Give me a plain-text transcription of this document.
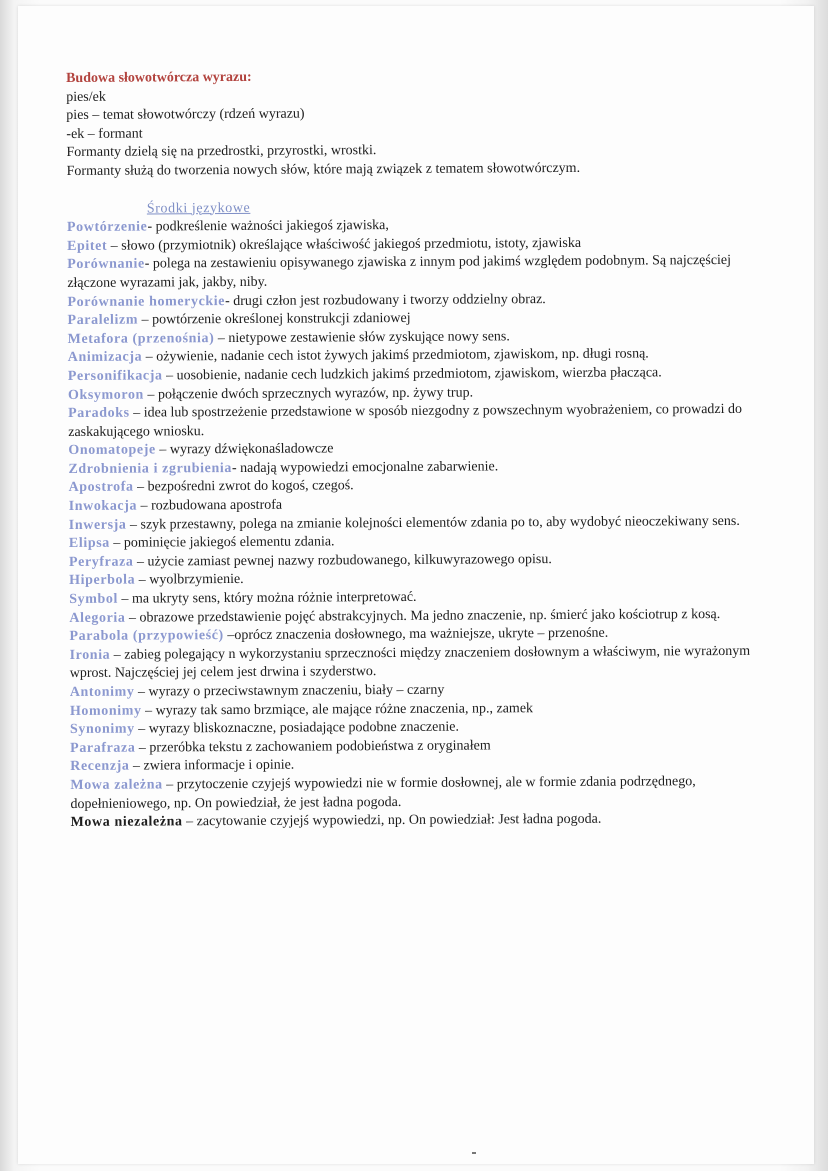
Budowa słowotwórcza wyrazu:

pies/ek

pies – temat słowotwórczy (rdzeń wyrazu)

-ek – formant

Formanty dzielą się na przedrostki, przyrostki, wrostki.

Formanty służą do tworzenia nowych słów, które mają związek z tematem słowotwórczym.

Środki językowe

Powtórzenie- podkreślenie ważności jakiegoś zjawiska,

Epitet – słowo (przymiotnik) określające właściwość jakiegoś przedmiotu, istoty, zjawiska

Porównanie- polega na zestawieniu opisywanego zjawiska z innym pod jakimś względem podobnym. Są najczęściej złączone wyrazami jak, jakby, niby.

Porównanie homeryckie- drugi człon jest rozbudowany i tworzy oddzielny obraz.

Paralelizm – powtórzenie określonej konstrukcji zdaniowej

Metafora (przenośnia) – nietypowe zestawienie słów zyskujące nowy sens.

Animizacja – ożywienie, nadanie cech istot żywych jakimś przedmiotom, zjawiskom, np. długi rosną.

Personifikacja – uosobienie, nadanie cech ludzkich jakimś przedmiotom, zjawiskom, wierzba płacząca.

Oksymoron – połączenie dwóch sprzecznych wyrazów, np. żywy trup.

Paradoks – idea lub spostrzeżenie przedstawione w sposób niezgodny z powszechnym wyobrażeniem, co prowadzi do zaskakującego wniosku.

Onomatopeje – wyrazy dźwiękonaśladowcze

Zdrobnienia i zgrubienia- nadają wypowiedzi emocjonalne zabarwienie.

Apostrofa – bezpośredni zwrot do kogoś, czegoś.

Inwokacja – rozbudowana apostrofa

Inwersja – szyk przestawny, polega na zmianie kolejności elementów zdania po to, aby wydobyć nieoczekiwany sens.

Elipsa – pominięcie jakiegoś elementu zdania.

Peryfraza – użycie zamiast pewnej nazwy rozbudowanego, kilkuwyrazowego opisu.

Hiperbola – wyolbrzymienie.

Symbol – ma ukryty sens, który można różnie interpretować.

Alegoria – obrazowe przedstawienie pojęć abstrakcyjnych. Ma jedno znaczenie, np. śmierć jako kościotrup z kosą.

Parabola (przypowieść) –oprócz znaczenia dosłownego, ma ważniejsze, ukryte – przenośne.

Ironia – zabieg polegający n wykorzystaniu sprzeczności między znaczeniem dosłownym a właściwym, nie wyrażonym wprost. Najczęściej jej celem jest drwina i szyderstwo.

Antonimy – wyrazy o przeciwstawnym znaczeniu, biały – czarny

Homonimy – wyrazy tak samo brzmiące, ale mające różne znaczenia, np., zamek

Synonimy – wyrazy bliskoznaczne, posiadające podobne znaczenie.

Parafraza – przeróbka tekstu z zachowaniem podobieństwa z oryginałem

Recenzja – zwiera informacje i opinie.

Mowa zależna – przytoczenie czyjejś wypowiedzi nie w formie dosłownej, ale w formie zdania podrzędnego, dopełnieniowego, np. On powiedział, że jest ładna pogoda.

Mowa niezależna – zacytowanie czyjejś wypowiedzi, np. On powiedział: Jest ładna pogoda.
